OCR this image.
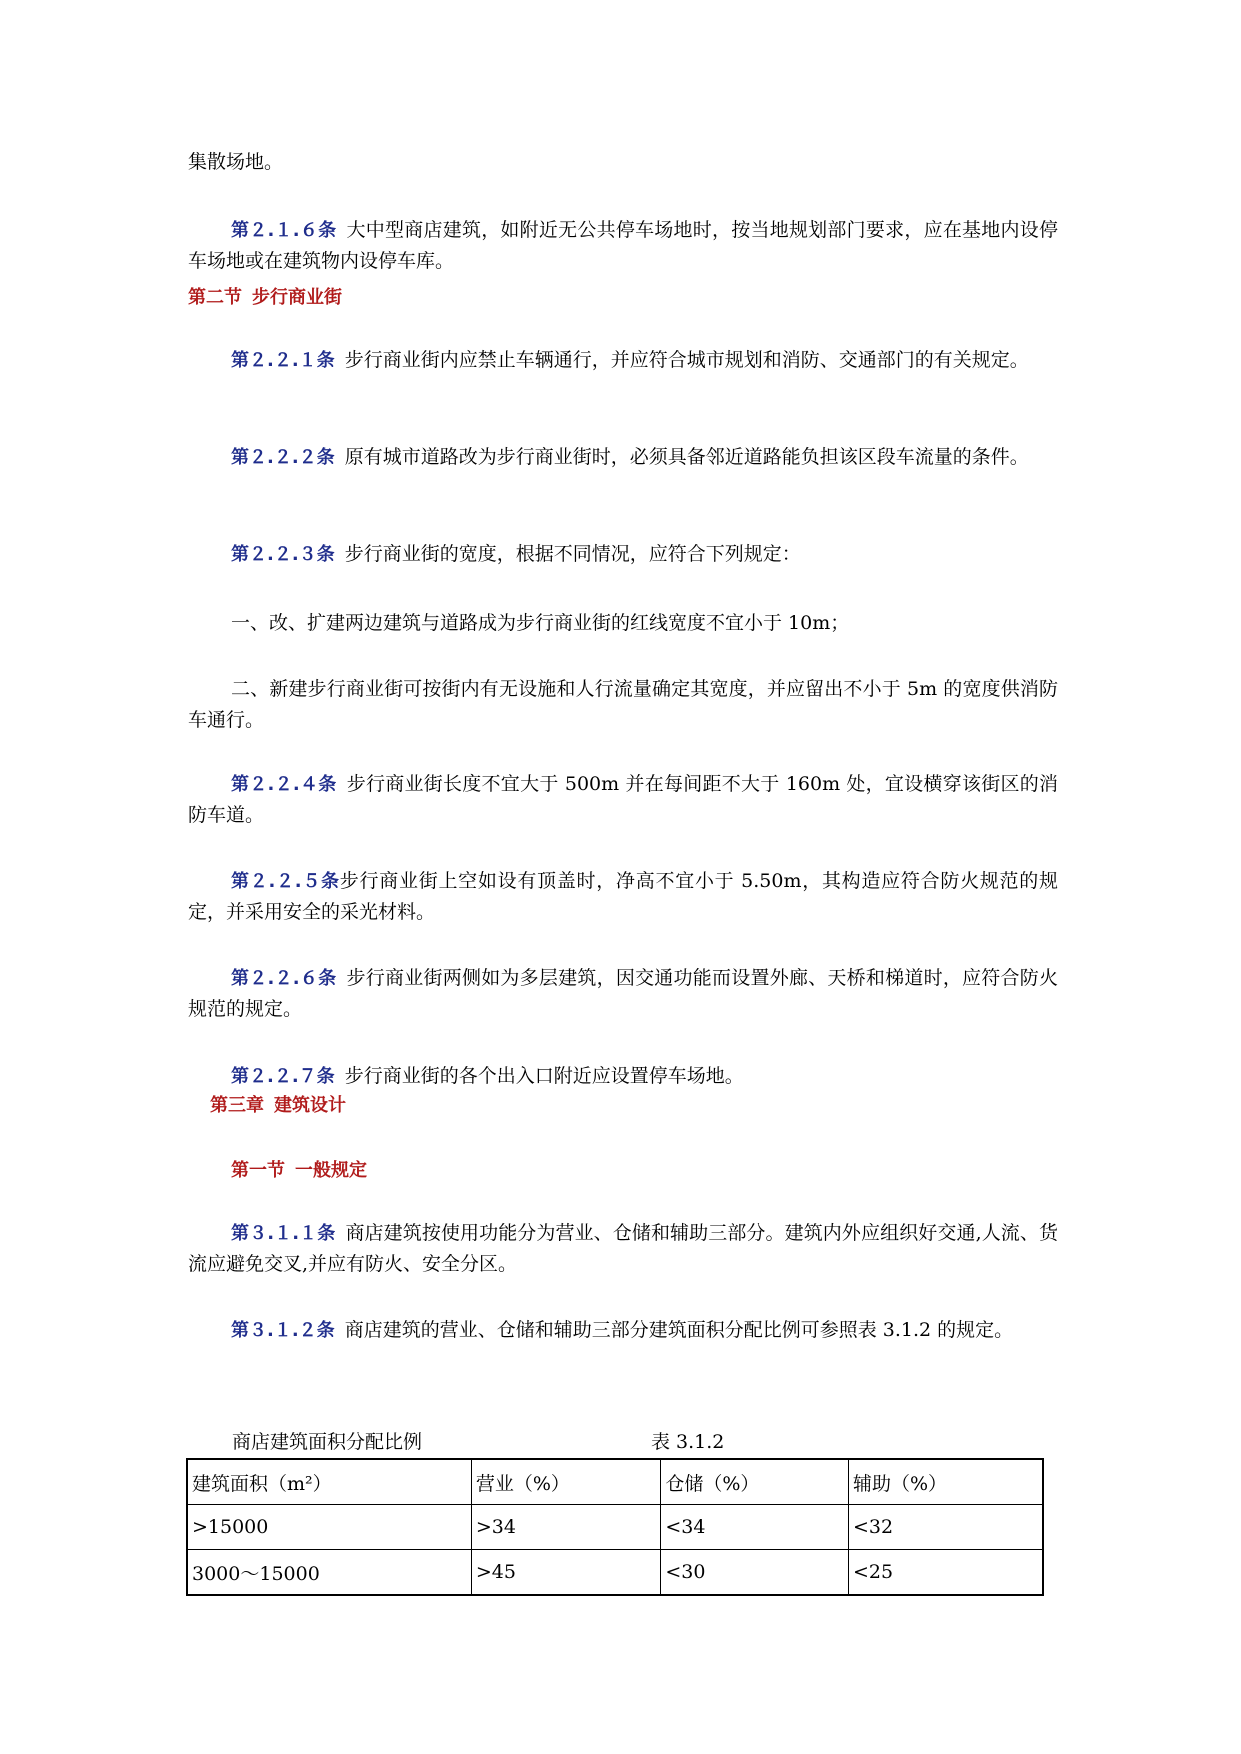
集散场地。

第２.１.６条 大中型商店建筑，如附近无公共停车场地时，按当地规划部门要求，应在基地内设停车场地或在建筑物内设停车库。

第二节 步行商业街

第２.２.１条 步行商业街内应禁止车辆通行，并应符合城市规划和消防、交通部门的有关规定。

第２.２.２条 原有城市道路改为步行商业街时，必须具备邻近道路能负担该区段车流量的条件。

第２.２.３条 步行商业街的宽度，根据不同情况，应符合下列规定：

一、改、扩建两边建筑与道路成为步行商业街的红线宽度不宜小于 10m；

二、新建步行商业街可按街内有无设施和人行流量确定其宽度，并应留出不小于 5m 的宽度供消防车通行。

第２.２.４条 步行商业街长度不宜大于 500m 并在每间距不大于 160m 处，宜设横穿该街区的消防车道。

第２.２.５条步行商业街上空如设有顶盖时，净高不宜小于 5.50m，其构造应符合防火规范的规定，并采用安全的采光材料。

第２.２.６条 步行商业街两侧如为多层建筑，因交通功能而设置外廊、天桥和梯道时，应符合防火规范的规定。

第２.２.７条 步行商业街的各个出入口附近应设置停车场地。

第三章 建筑设计
第一节 一般规定

第３.１.１条 商店建筑按使用功能分为营业、仓储和辅助三部分。建筑内外应组织好交通,人流、货流应避免交叉,并应有防火、安全分区。

第３.１.２条 商店建筑的营业、仓储和辅助三部分建筑面积分配比例可参照表 3.1.2 的规定。

商店建筑面积分配比例	表 3.1.2
建筑面积（m²）	营业（%）	仓储（%）	辅助（%）
>15000	>34	<34	<32
3000～15000	>45	<30	<25
